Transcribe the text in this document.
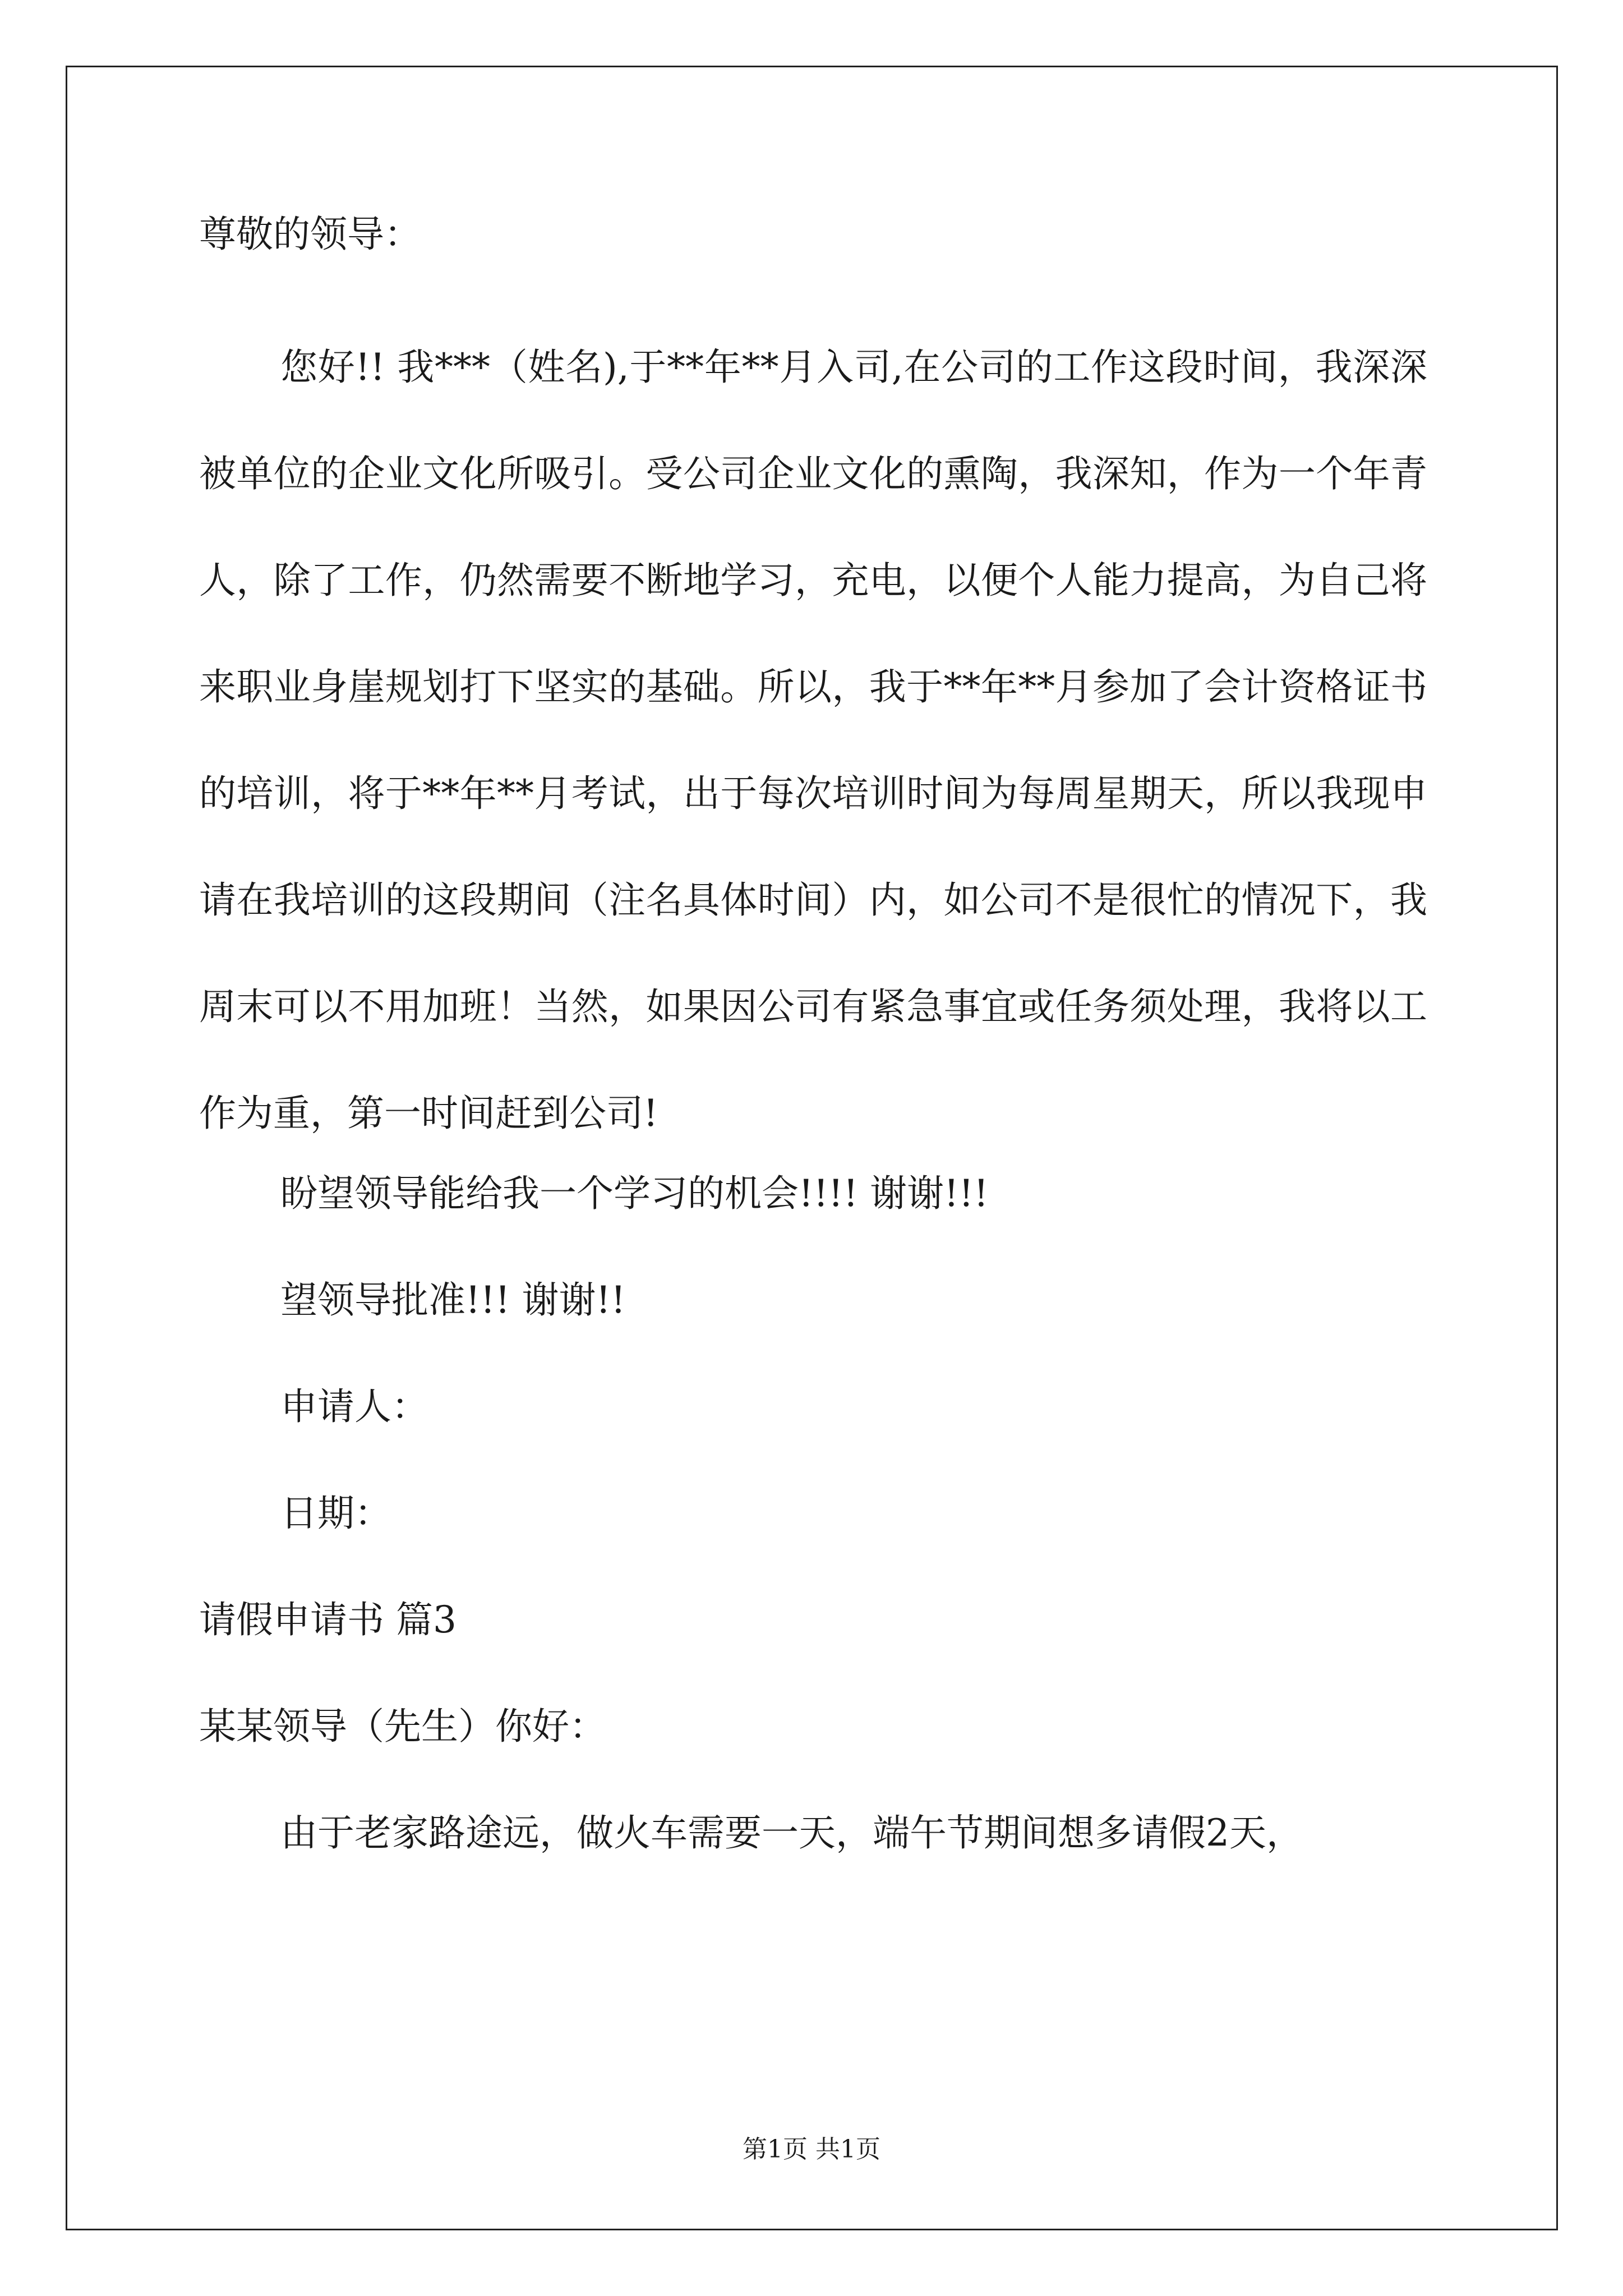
尊敬的领导：
您好!! 我***（姓名),于**年**月入司,在公司的工作这段时间，我深深被单位的企业文化所吸引。受公司企业文化的熏陶，我深知，作为一个年青人，除了工作，仍然需要不断地学习，充电，以便个人能力提高，为自己将来职业身崖规划打下坚实的基础。所以，我于**年**月参加了会计资格证书的培训，将于**年**月考试，出于每次培训时间为每周星期天，所以我现申请在我培训的这段期间（注名具体时间）内，如公司不是很忙的情况下，我周末可以不用加班！当然，如果因公司有紧急事宜或任务须处理，我将以工作为重，第一时间赶到公司!
盼望领导能给我一个学习的机会!!!! 谢谢!!!
望领导批准!!! 谢谢!!
申请人：
日期：
请假申请书 篇3
某某领导（先生）你好：
由于老家路途远，做火车需要一天，端午节期间想多请假2天，
第1页 共1页
